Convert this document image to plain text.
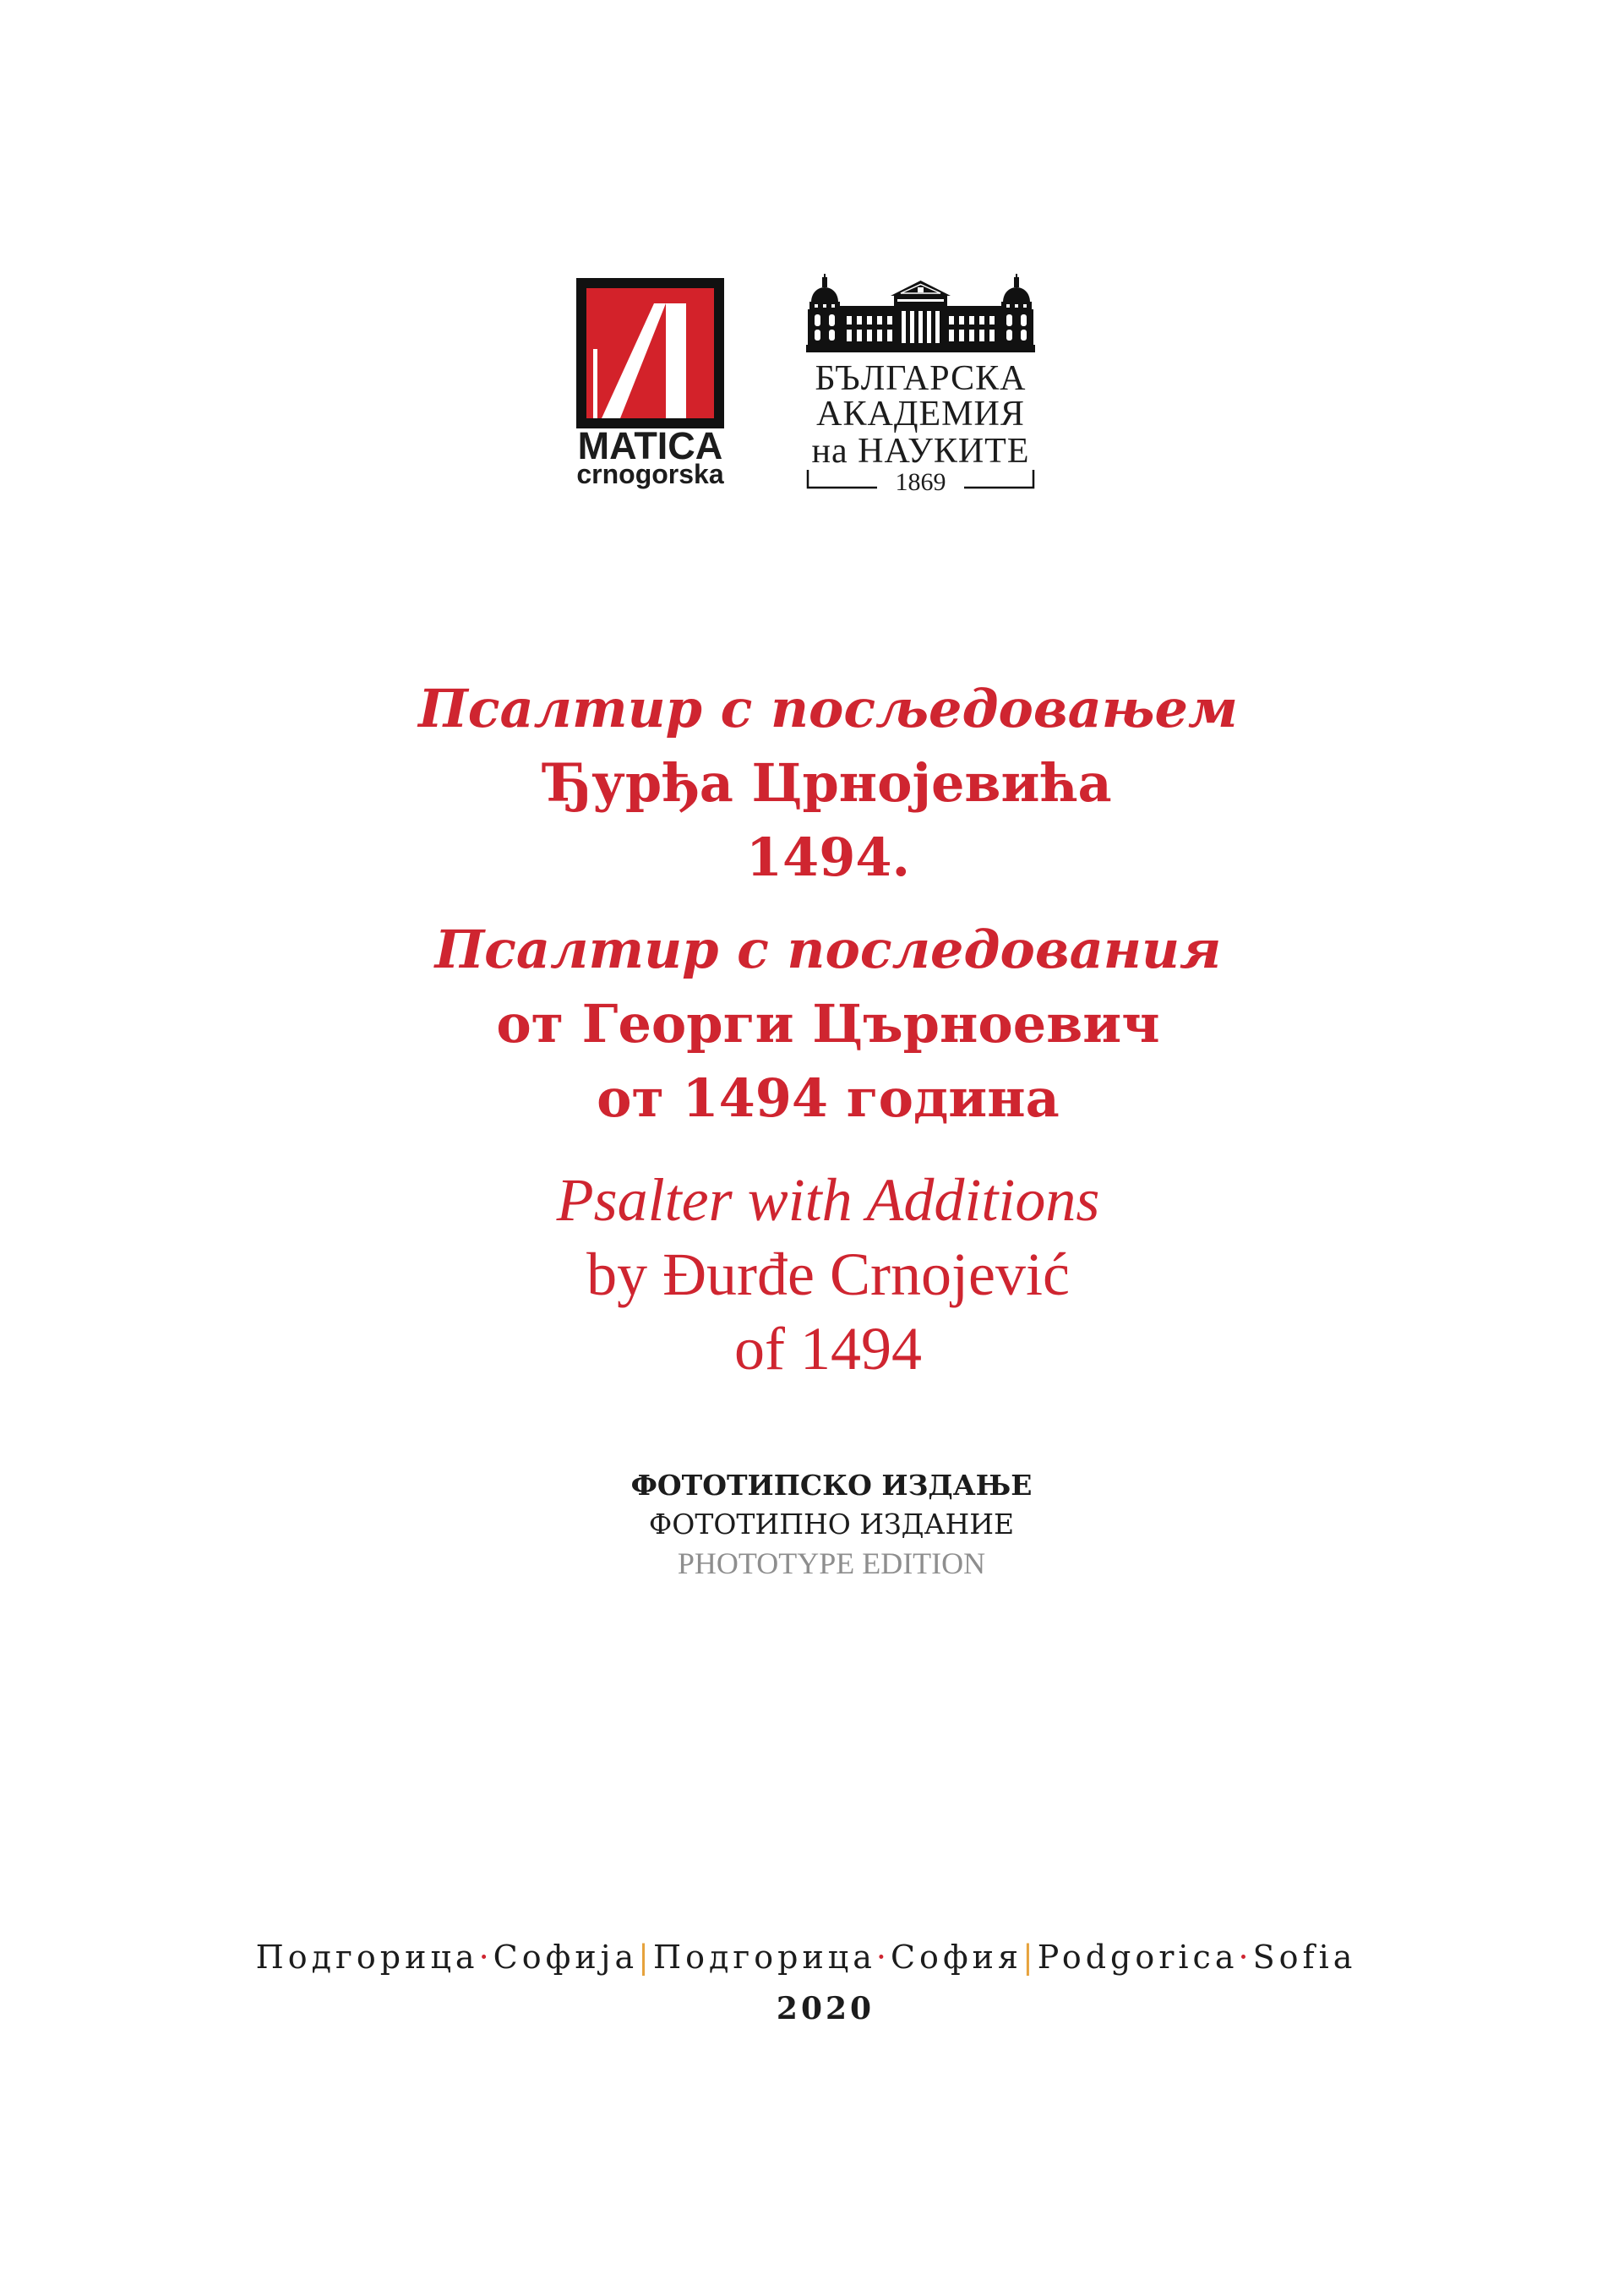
MATICA
crnogorska
БЪЛГАРСКА
АКАДЕМИЯ
на НАУКИТЕ
1869
Псалтир с посљедовањем
Ђурђа Црнојевића
1494.
Псалтир с последования
от Георги Църноевич
от 1494 година
Psalter with Additions
by Đurđe Crnojević
of 1494
ФОТОТИПСКО ИЗДАЊЕ
ФОТОТИПНО ИЗДАНИЕ
PHOTOTYPE EDITION
Подгорица·Софија|Подгорица·София|Podgorica·Sofia
2020
